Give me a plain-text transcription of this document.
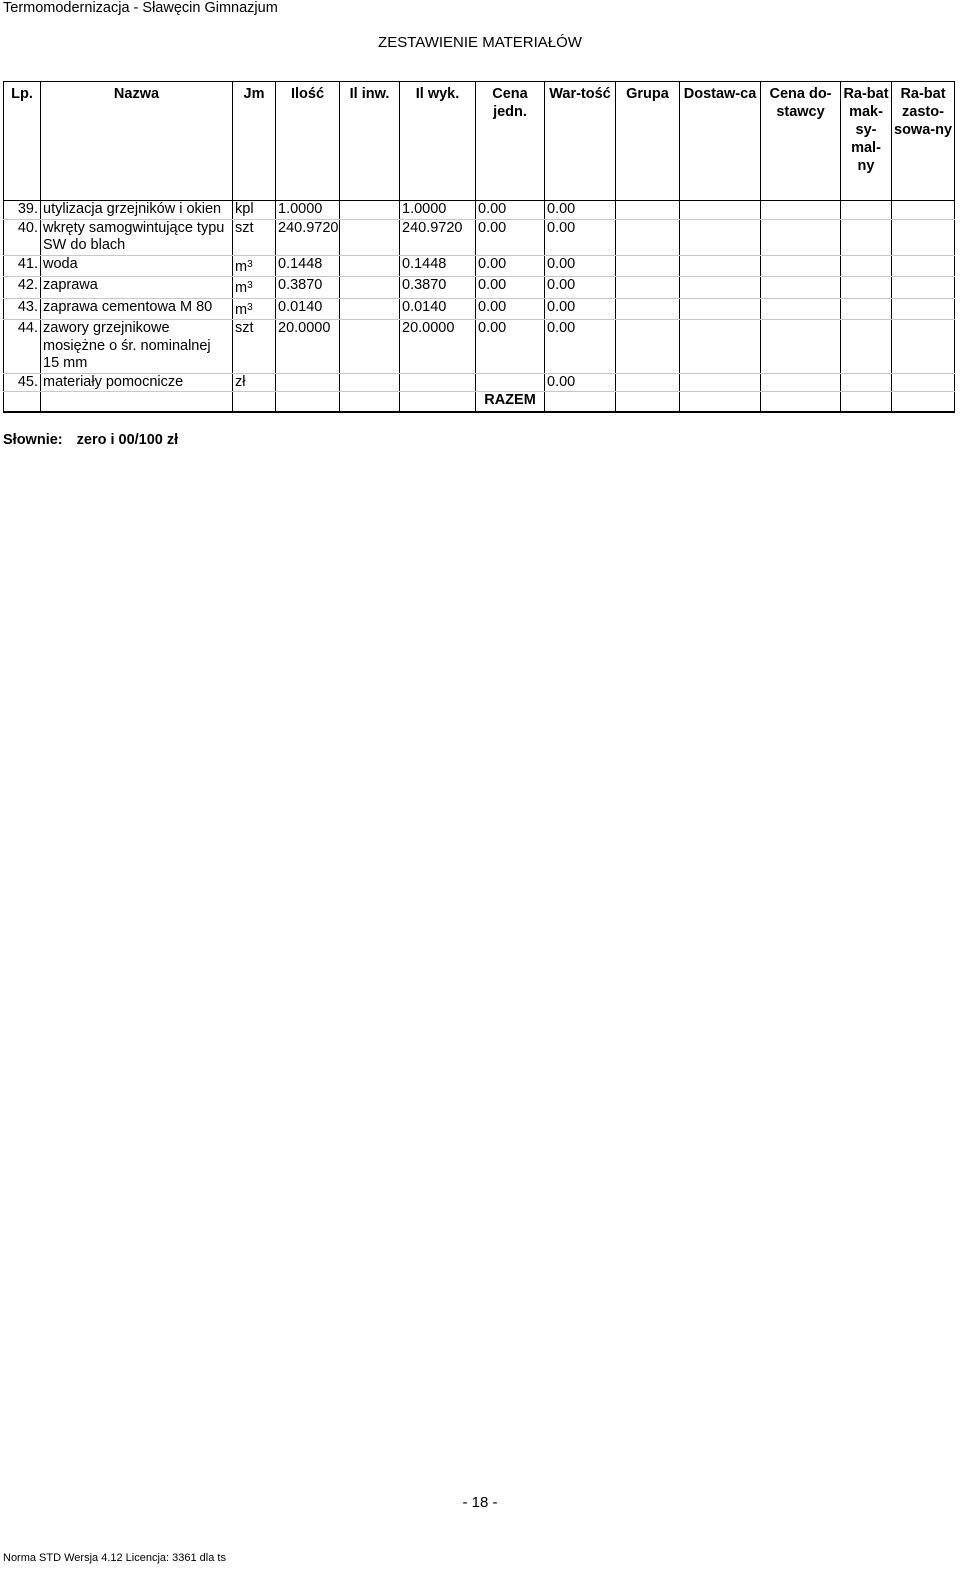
Termomodernizacja - Sławęcin Gimnazjum
ZESTAWIENIE MATERIAŁÓW
Lp.	Nazwa	Jm	Ilość	Il inw.	Il wyk.	Cena jedn.	War-tość	Grupa	Dostaw-ca	Cena do-stawcy	Ra-bat mak-sy-mal-ny	Ra-bat zasto-sowa-ny
39.	utylizacja grzejników i okien	kpl	1.0000		1.0000	0.00	0.00					
40.	wkręty samogwintujące typu SW do blach	szt	240.9720		240.9720	0.00	0.00					
41.	woda	$m^3$	0.1448		0.1448	0.00	0.00					
42.	zaprawa	$m^3$	0.3870		0.3870	0.00	0.00					
43.	zaprawa cementowa M 80	$m^3$	0.0140		0.0140	0.00	0.00					
44.	zawory grzejnikowe mosiężne o śr. nominalnej 15 mm	szt	20.0000		20.0000	0.00	0.00					
45.	materiały pomocnicze	zł					0.00					
						RAZEM						
Słownie: zero i 00/100 zł
- 18 -
Norma STD Wersja 4.12 Licencja: 3361 dla ts
